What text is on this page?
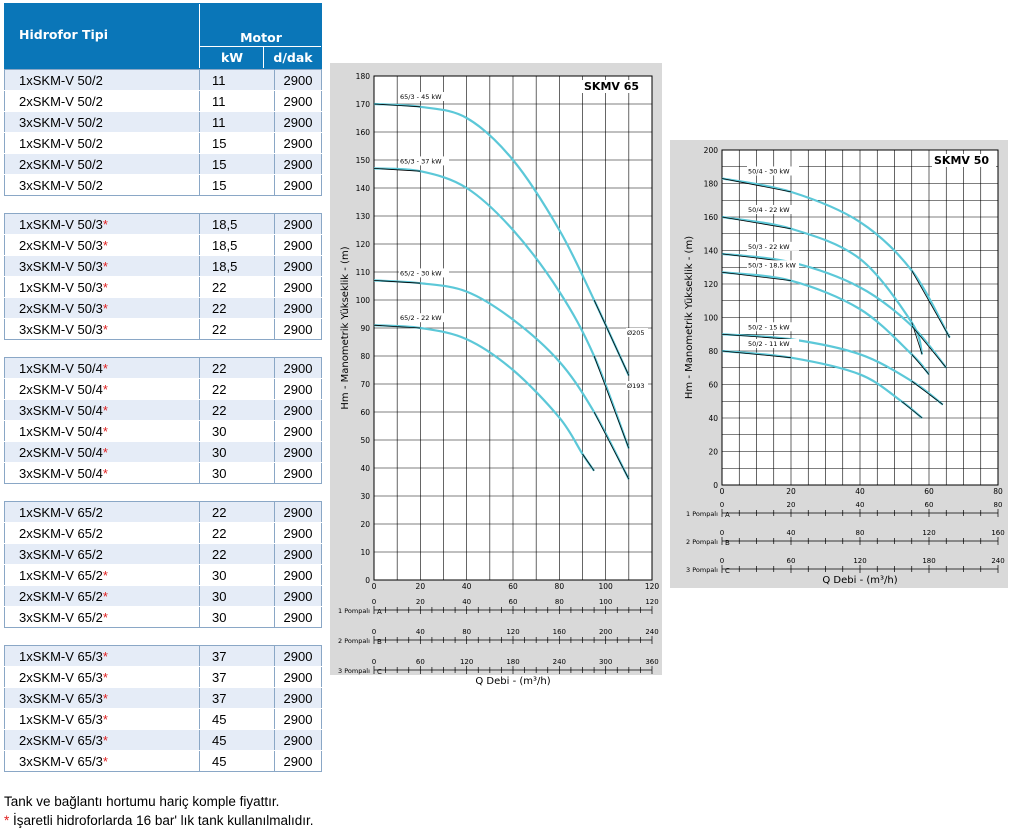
Hidrofor Tipi	Motor
kW	d/dak
1xSKM-V 50/2	11	2900
2xSKM-V 50/2	11	2900
3xSKM-V 50/2	11	2900
1xSKM-V 50/2	15	2900
2xSKM-V 50/2	15	2900
3xSKM-V 50/2	15	2900
1xSKM-V 50/3*	18,5	2900
2xSKM-V 50/3*	18,5	2900
3xSKM-V 50/3*	18,5	2900
1xSKM-V 50/3*	22	2900
2xSKM-V 50/3*	22	2900
3xSKM-V 50/3*	22	2900
1xSKM-V 50/4*	22	2900
2xSKM-V 50/4*	22	2900
3xSKM-V 50/4*	22	2900
1xSKM-V 50/4*	30	2900
2xSKM-V 50/4*	30	2900
3xSKM-V 50/4*	30	2900
1xSKM-V 65/2	22	2900
2xSKM-V 65/2	22	2900
3xSKM-V 65/2	22	2900
1xSKM-V 65/2*	30	2900
2xSKM-V 65/2*	30	2900
3xSKM-V 65/2*	30	2900
1xSKM-V 65/3*	37	2900
2xSKM-V 65/3*	37	2900
3xSKM-V 65/3*	37	2900
1xSKM-V 65/3*	45	2900
2xSKM-V 65/3*	45	2900
3xSKM-V 65/3*	45	2900
0
10
20
30
40
50
60
70
80
90
100
110
120
130
140
150
160
170
180
0	20	40	60	80	100	120
SKMV 65
Hm - Manometrik Yükseklik - (m)
65/3 - 45 kW
65/3 - 37 kW
65/2 - 30 kW
65/2 - 22 kW
Ø205
Ø193
0	20	40	60	80	100	120
1 Pompalı A
0	40	80	120	160	200	240
2 Pompalı B
0	60	120	180	240	300	360
3 Pompalı C
Q Debi - (m³/h)
0
20
40
60
80
100
120
140
160
180
200
0	20	40	60	80
SKMV 50
Hm - Manometrik Yükseklik - (m)
50/4 - 30 kW
50/4 - 22 kW
50/3 - 22 kW
50/3 - 18,5 kW
50/2 - 15 kW
50/2 - 11 kW
0	20	40	60	80
1 Pompalı A
0	40	80	120	160
2 Pompalı B
0	60	120	180	240
3 Pompalı C
Q Debi - (m³/h)
Tank ve bağlantı hortumu hariç komple fiyattır.
* İşaretli hidroforlarda 16 bar' lık tank kullanılmalıdır.
